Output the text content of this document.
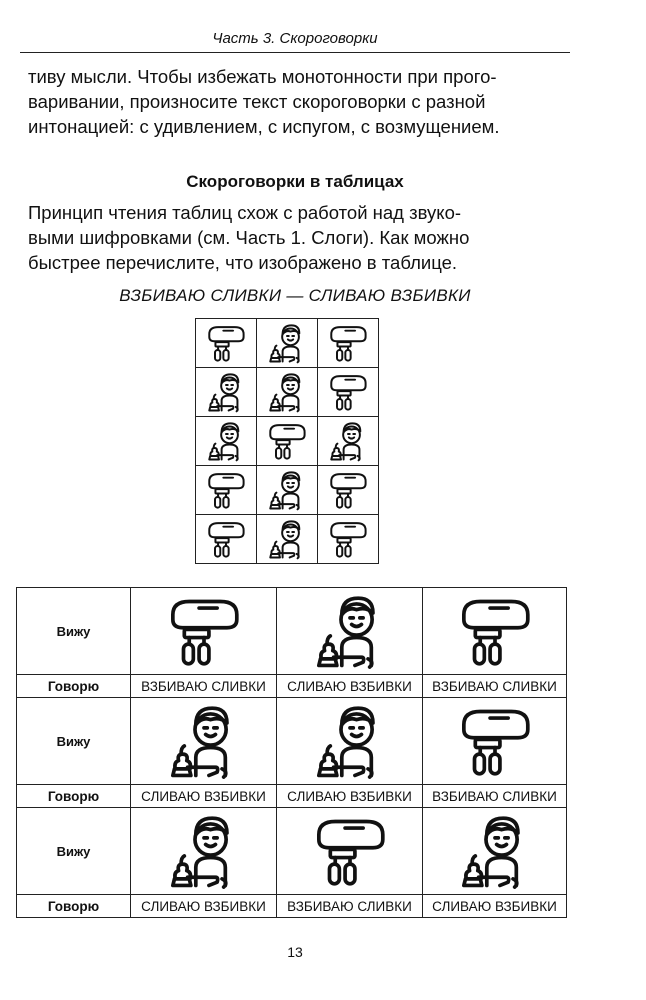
Часть 3. Скороговорки
тиву мысли. Чтобы избежать монотонности при прого-
варивании, произносите текст скороговорки с разной
интонацией: с удивлением, с испугом, с возмущением.
Скороговорки в таблицах
Принцип чтения таблиц схож с работой над звуко-
выми шифровками (см. Часть 1. Слоги). Как можно
быстрее перечислите, что изображено в таблице.
ВЗБИВАЮ СЛИВКИ — СЛИВАЮ ВЗБИВКИ

Вижу	

Говорю	ВЗБИВАЮ СЛИВКИ	СЛИВАЮ ВЗБИВКИ	ВЗБИВАЮ СЛИВКИ
Вижу	

Говорю	СЛИВАЮ ВЗБИВКИ	СЛИВАЮ ВЗБИВКИ	ВЗБИВАЮ СЛИВКИ
Вижу	

Говорю	СЛИВАЮ ВЗБИВКИ	ВЗБИВАЮ СЛИВКИ	СЛИВАЮ ВЗБИВКИ
13
